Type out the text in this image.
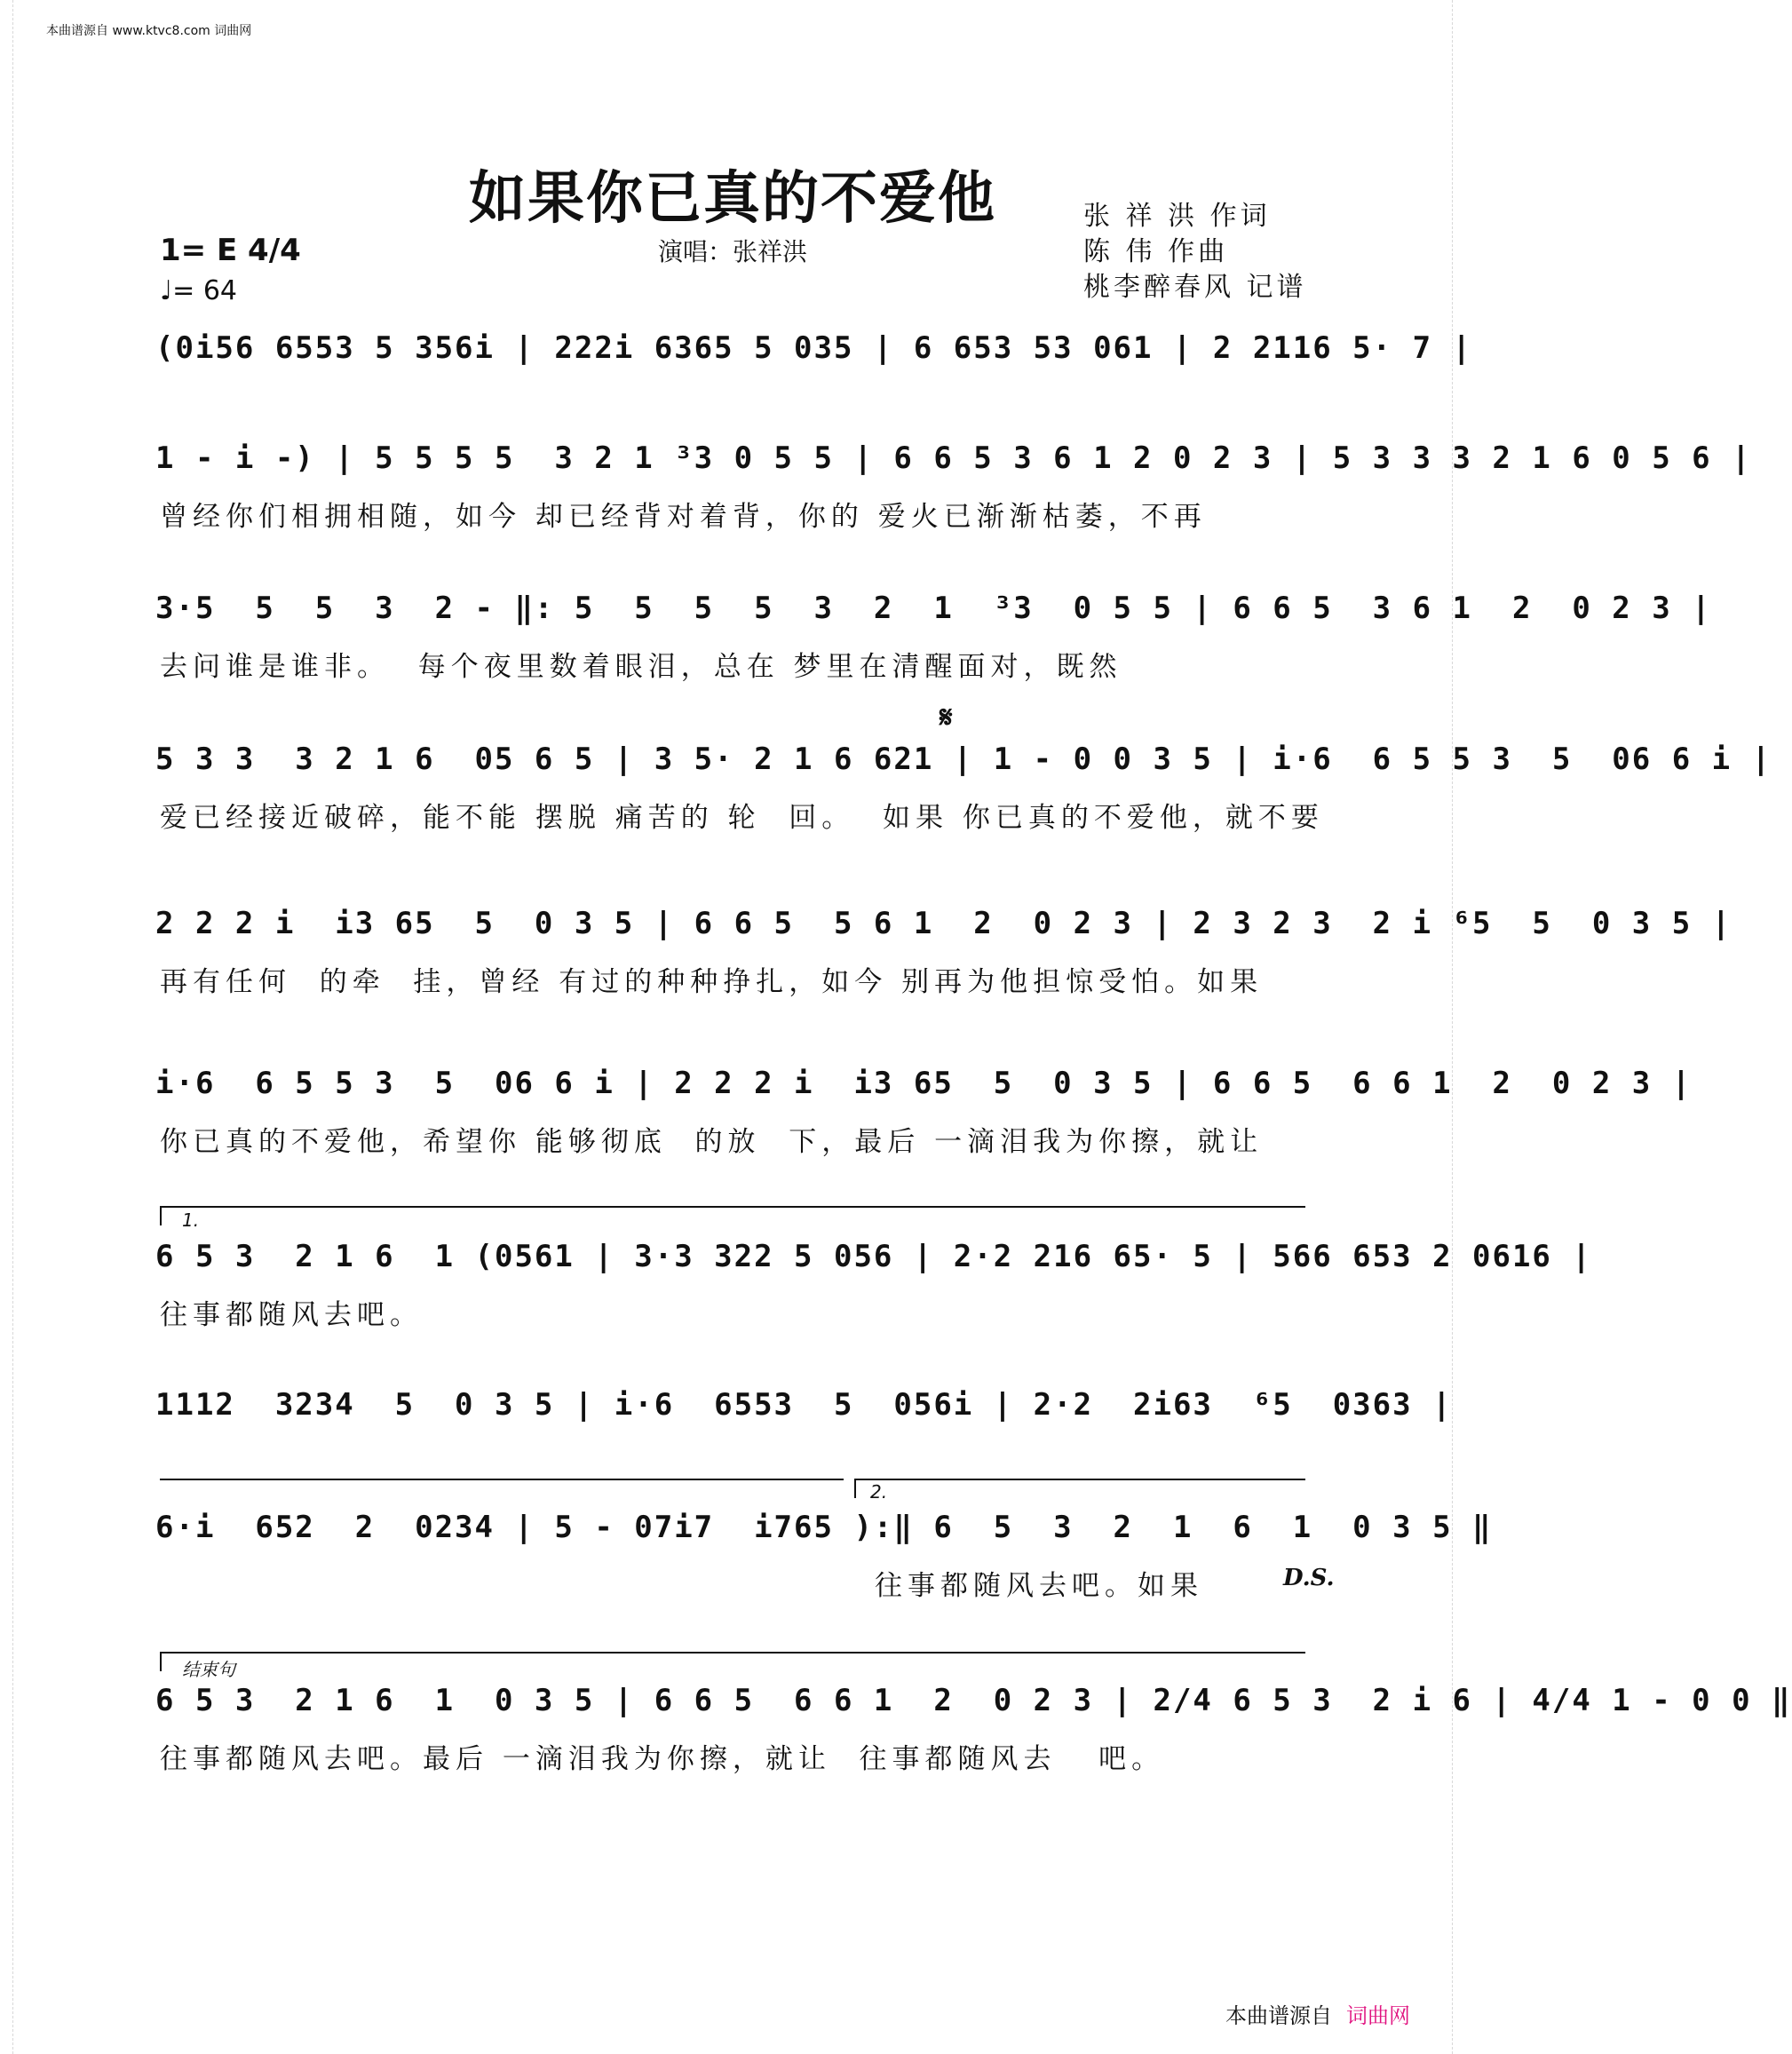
本曲谱源自 www.ktvc8.com 词曲网
如果你已真的不爱他
演唱：张祥洪
张 祥 洪 作词
陈 伟 作曲
桃李醉春风 记谱
1= E 4/4
♩= 64
(0i56 6553 5 356i | 222i 6365 5 035 | 6 653 53 061 | 2 2116 5· 7 |
1 - i -) | 5 5 5 5  3 2 1 ³3 0 5 5 | 6 6 5 3 6 1 2 0 2 3 | 5 3 3 3 2 1 6 0 5 6 |
曾经你们相拥相随，如今 却已经背对着背，你的 爱火已渐渐枯萎，不再
3·5  5  5  3  2 - ‖: 5  5  5  5  3  2  1  ³3  0 5 5 | 6 6 5  3 6 1  2  0 2 3 |
去问谁是谁非。  每个夜里数着眼泪，总在 梦里在清醒面对，既然
𝄋
5 3 3  3 2 1 6  05 6 5 | 3 5· 2 1 6 621 | 1 - 0 0 3 5 | i·6  6 5 5 3  5  06 6 i |
爱已经接近破碎，能不能 摆脱 痛苦的 轮  回。  如果 你已真的不爱他，就不要
2 2 2 i  i3 65  5  0 3 5 | 6 6 5  5 6 1  2  0 2 3 | 2 3 2 3  2 i ⁶5  5  0 3 5 |
再有任何  的牵  挂，曾经 有过的种种挣扎，如今 别再为他担惊受怕。如果
i·6  6 5 5 3  5  06 6 i | 2 2 2 i  i3 65  5  0 3 5 | 6 6 5  6 6 1  2  0 2 3 |
你已真的不爱他，希望你 能够彻底  的放  下，最后 一滴泪我为你擦，就让
1.
6 5 3  2 1 6  1 (0561 | 3·3 322 5 056 | 2·2 216 65· 5 | 566 653 2 0616 |
往事都随风去吧。
1112  3234  5  0 3 5 | i·6  6553  5  056i | 2·2  2i63  ⁶5  0363 |
2.
6·i  652  2  0234 | 5 - 07i7  i765 ):‖ 6  5  3  2  1  6  1  0 3 5 ‖
往事都随风去吧。如果	D.S.
结束句
6 5 3  2 1 6  1  0 3 5 | 6 6 5  6 6 1  2  0 2 3 | 2/4 6 5 3  2 i 6 | 4/4 1 - 0 0 ‖
往事都随风去吧。最后 一滴泪我为你擦，就让  往事都随风去   吧。
本曲谱源自 词曲网
